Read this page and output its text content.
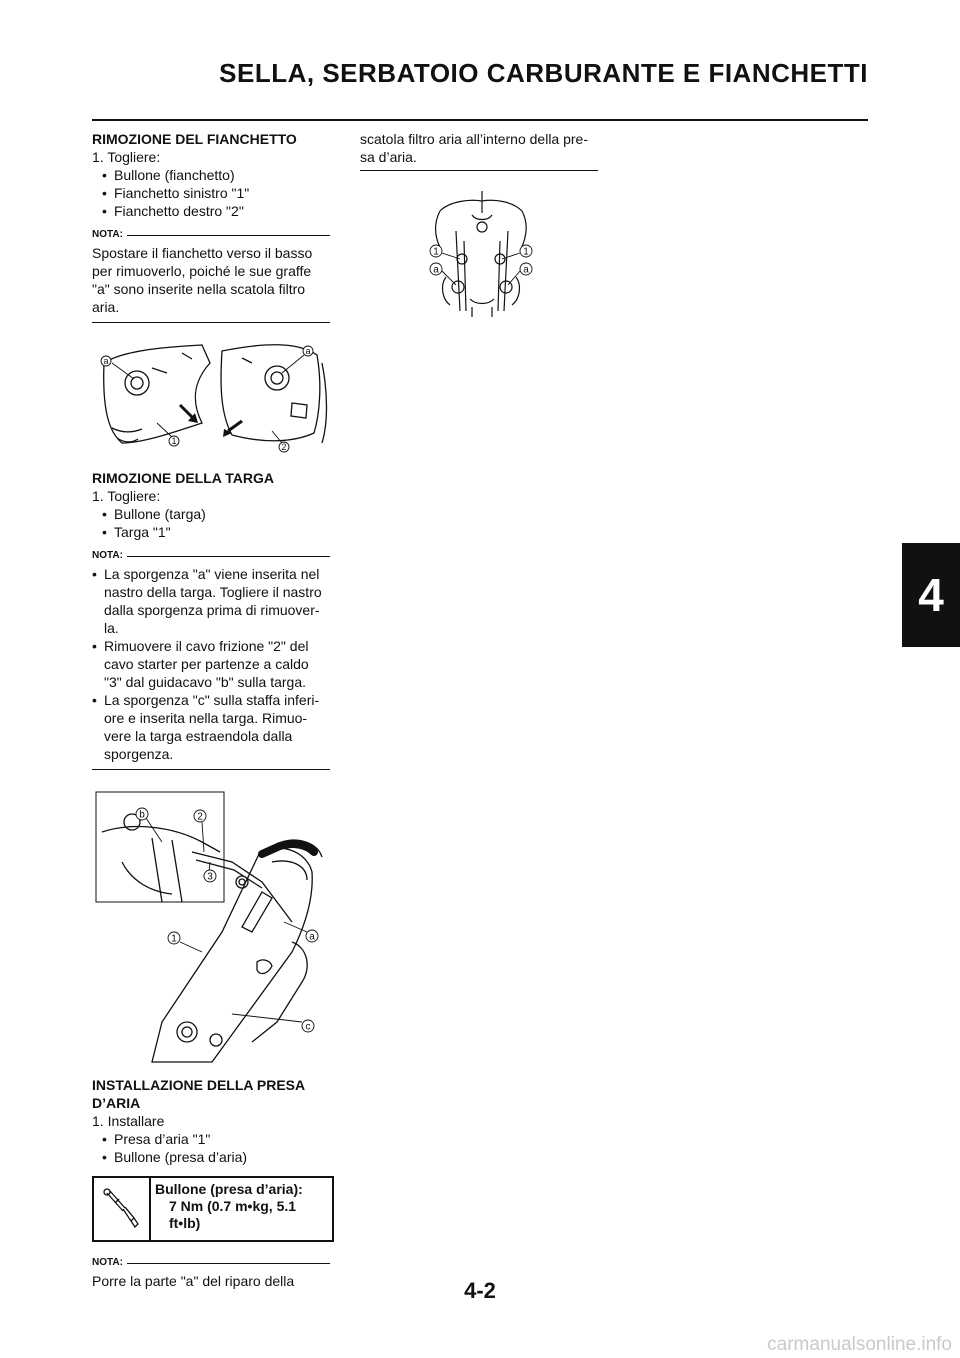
SELLA, SERBATOIO CARBURANTE E FIANCHETTI

RIMOZIONE DEL FIANCHETTO

1. Togliere:

• Bullone (fianchetto)

• Fianchetto sinistro "1"

• Fianchetto destro "2"

NOTA:
Spostare il fianchetto verso il basso per rimuoverlo, poiché le sue graffe "a" sono inserite nella scatola filtro aria.
a
a
1
2

RIMOZIONE DELLA TARGA

1. Togliere:

• Bullone (targa)

• Targa "1"

NOTA:
• La sporgenza "a" viene inserita nel nastro della targa. Togliere il nastro dalla sporgenza prima di rimuover-la.
• Rimuovere il cavo frizione "2" del cavo starter per partenze a caldo "3" dal guidacavo "b" sulla targa.
• La sporgenza "c" sulla staffa inferi-ore e inserita nella targa. Rimuo-vere la targa estraendola dalla sporgenza.
b	2
3
1	a
c

INSTALLAZIONE DELLA PRESA D’ARIA

1. Installare

• Presa d’aria "1"

• Bullone (presa d’aria)

Bullone (presa d’aria):
7 Nm (0.7 m•kg, 5.1 ft•lb)
NOTA:
Porre la parte "a" del riparo della
scatola filtro aria all’interno della pre-sa d’aria.
1	1
a	a
4
4-2
carmanualsonline.info
